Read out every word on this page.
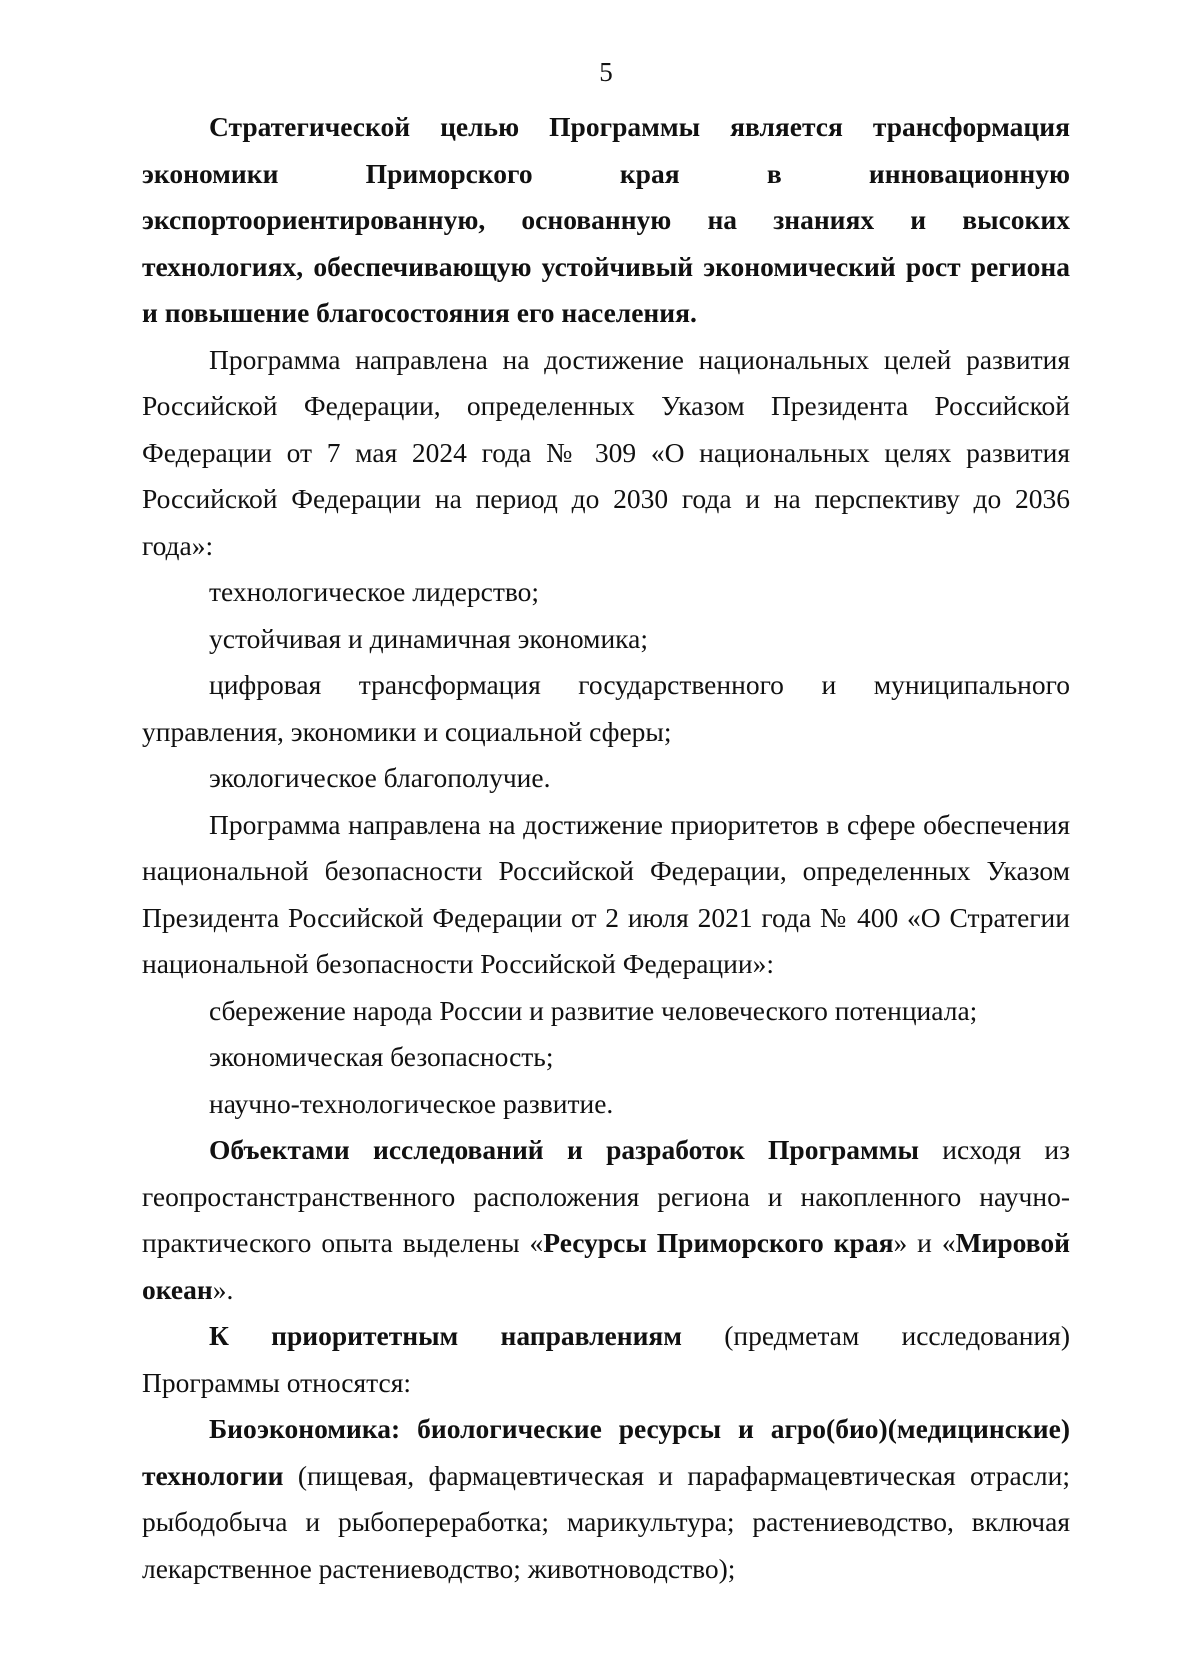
5

Стратегической целью Программы является трансформация экономики Приморского края в инновационную экспортоориентированную, основанную на знаниях и высоких технологиях, обеспечивающую устойчивый экономический рост региона и повышение благосостояния его населения.

Программа направлена на достижение национальных целей развития Российской Федерации, определенных Указом Президента Российской Федерации от 7 мая 2024 года № 309 «О национальных целях развития Российской Федерации на период до 2030 года и на перспективу до 2036 года»:

технологическое лидерство;

устойчивая и динамичная экономика;

цифровая трансформация государственного и муниципального управления, экономики и социальной сферы;

экологическое благополучие.

Программа направлена на достижение приоритетов в сфере обеспечения национальной безопасности Российской Федерации, определенных Указом Президента Российской Федерации от 2 июля 2021 года № 400 «О Стратегии национальной безопасности Российской Федерации»:

сбережение народа России и развитие человеческого потенциала;

экономическая безопасность;

научно-технологическое развитие.

Объектами исследований и разработок Программы исходя из геопростанстранственного расположения региона и накопленного научно-практического опыта выделены «Ресурсы Приморского края» и «Мировой океан».

К приоритетным направлениям (предметам исследования) Программы относятся:

Биоэкономика: биологические ресурсы и агро(био)(медицинские) технологии (пищевая, фармацевтическая и парафармацевтическая отрасли; рыбодобыча и рыбопереработка; марикультура; растениеводство, включая лекарственное растениеводство; животноводство);
